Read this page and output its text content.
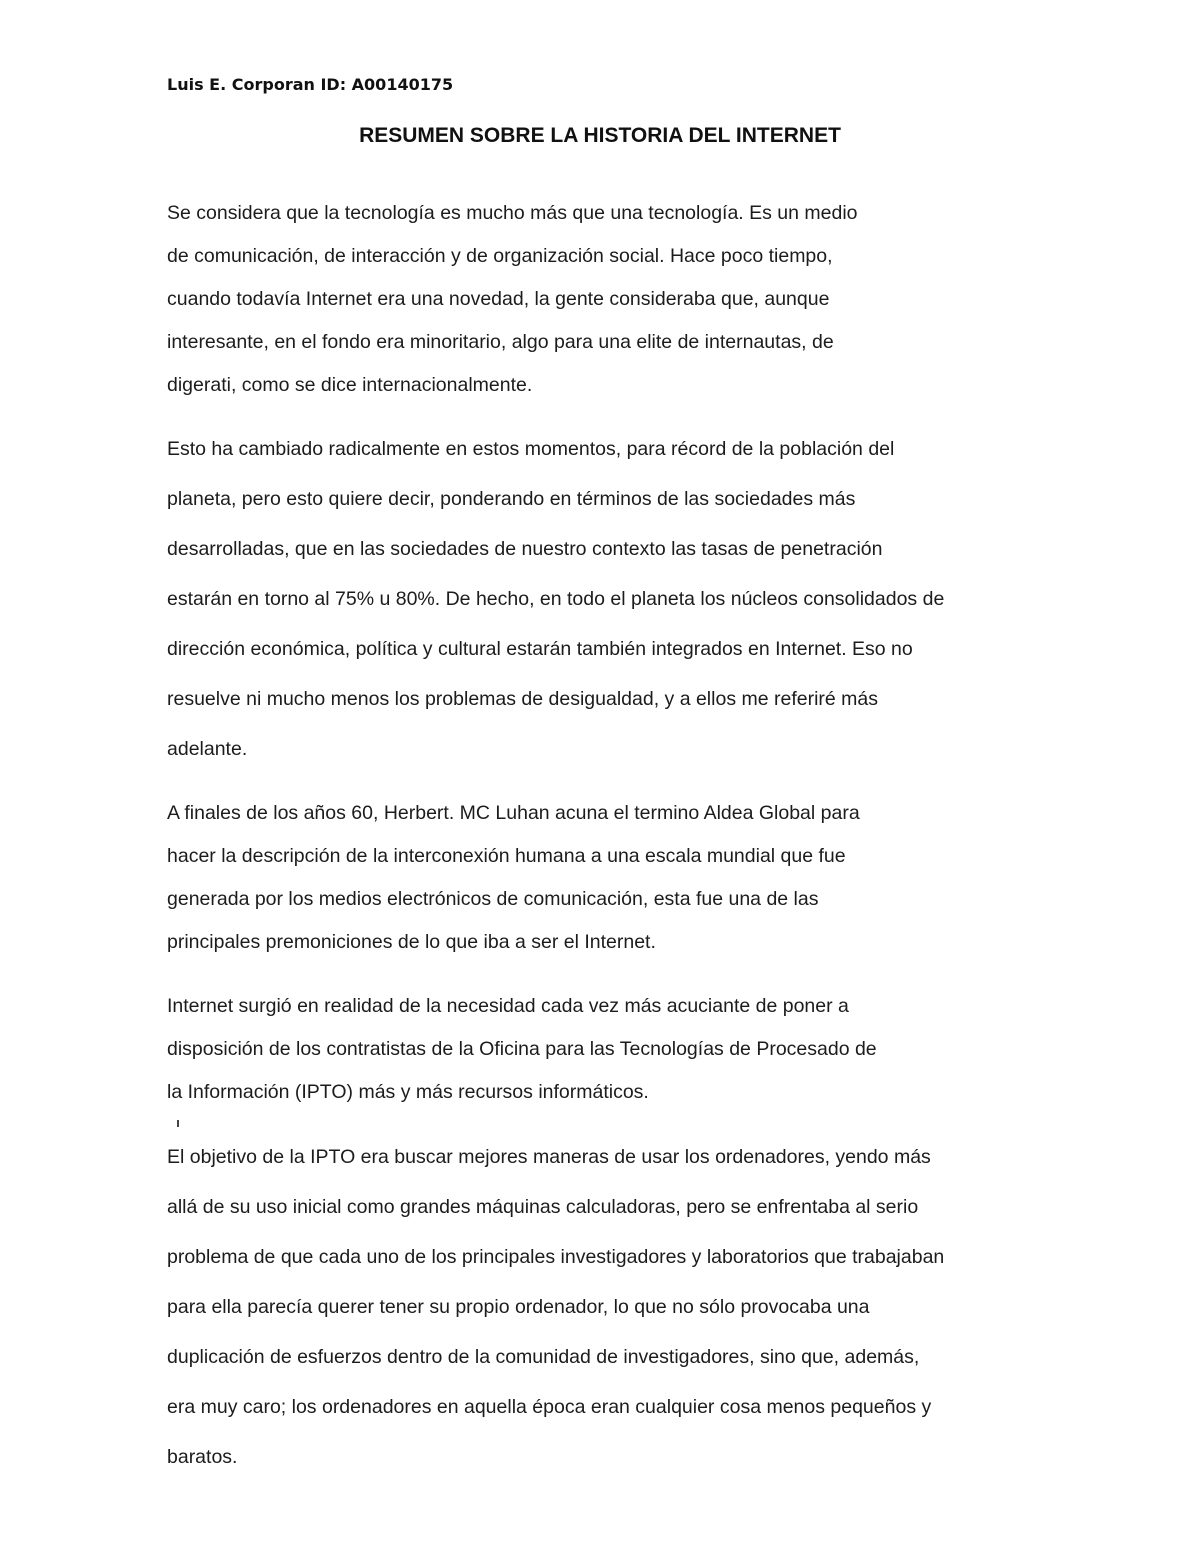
Luis E. Corporan ID: A00140175
RESUMEN SOBRE LA HISTORIA DEL INTERNET
Se considera que la tecnología es mucho más que una tecnología. Es un medio
de comunicación, de interacción y de organización social. Hace poco tiempo,
cuando todavía Internet era una novedad, la gente consideraba que, aunque
interesante, en el fondo era minoritario, algo para una elite de internautas, de
digerati, como se dice internacionalmente.
Esto ha cambiado radicalmente en estos momentos, para récord de la población del
planeta, pero esto quiere decir, ponderando en términos de las sociedades más
desarrolladas, que en las sociedades de nuestro contexto las tasas de penetración
estarán en torno al 75% u 80%. De hecho, en todo el planeta los núcleos consolidados de
dirección económica, política y cultural estarán también integrados en Internet. Eso no
resuelve ni mucho menos los problemas de desigualdad, y a ellos me referiré más
adelante.
A finales de los años 60, Herbert. MC Luhan acuna el termino Aldea Global para
hacer la descripción de la interconexión humana a una escala mundial que fue
generada por los medios electrónicos de comunicación, esta fue una de las
principales premoniciones de lo que iba a ser el Internet.
Internet surgió en realidad de la necesidad cada vez más acuciante de poner a
disposición de los contratistas de la Oficina para las Tecnologías de Procesado de
la Información (IPTO) más y más recursos informáticos.
El objetivo de la IPTO era buscar mejores maneras de usar los ordenadores, yendo más
allá de su uso inicial como grandes máquinas calculadoras, pero se enfrentaba al serio
problema de que cada uno de los principales investigadores y laboratorios que trabajaban
para ella parecía querer tener su propio ordenador, lo que no sólo provocaba una
duplicación de esfuerzos dentro de la comunidad de investigadores, sino que, además,
era muy caro; los ordenadores en aquella época eran cualquier cosa menos pequeños y
baratos.
